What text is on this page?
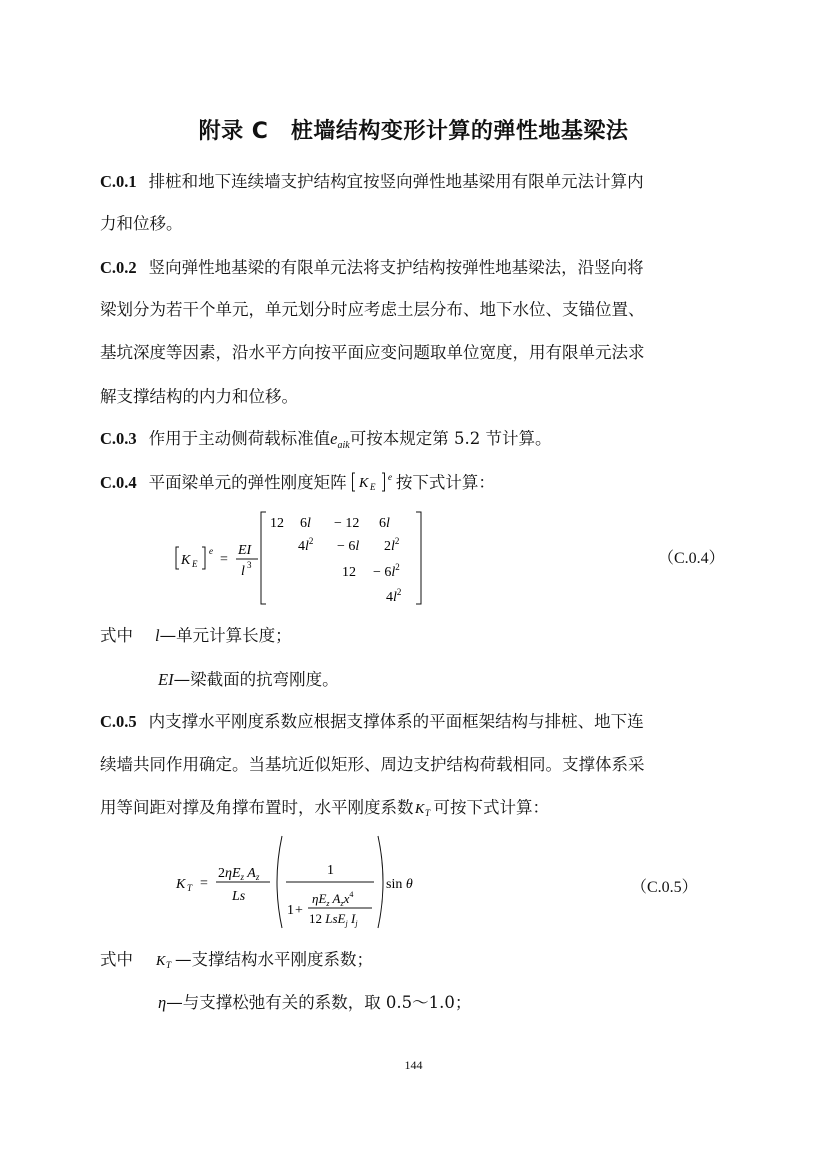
附录 C　桩墙结构变形计算的弹性地基梁法
C.0.1 排桩和地下连续墙支护结构宜按竖向弹性地基梁用有限单元法计算内
力和位移。
C.0.2 竖向弹性地基梁的有限单元法将支护结构按弹性地基梁法，沿竖向将
梁划分为若干个单元，单元划分时应考虑土层分布、地下水位、支锚位置、
基坑深度等因素，沿水平方向按平面应变问题取单位宽度，用有限单元法求
解支撑结构的内力和位移。
C.0.3 作用于主动侧荷载标准值$e_{aik}$可按本规定第 5.2 节计算。
C.0.4 平面梁单元的弹性刚度矩阵 K E
e 按下式计算：
K E
e
=
EI
l 3
12 6l − 12 6l
$4l^2 - 6l$ $2l^2$
$12 - 6l^2$
$4l^2$
（C.0.4）
式中 l—单元计算长度；
EI—梁截面的抗弯刚度。
C.0.5 内支撑水平刚度系数应根据支撑体系的平面框架结构与排桩、地下连
续墙共同作用确定。当基坑近似矩形、周边支护结构荷载相同。支撑体系采
用等间距对撑及角撑布置时，水平刚度系数 K T 可按下式计算：
K T =
$2\eta E_z$ $A_z$
Ls
1
1 +
$\eta E_z$ $A_zx^4$
12 LsE$_j$ $I_j$
sin θ	（C.0.5）
式中 K T —支撑结构水平刚度系数；
η—与支撑松弛有关的系数，取 0.5～1.0；
144
